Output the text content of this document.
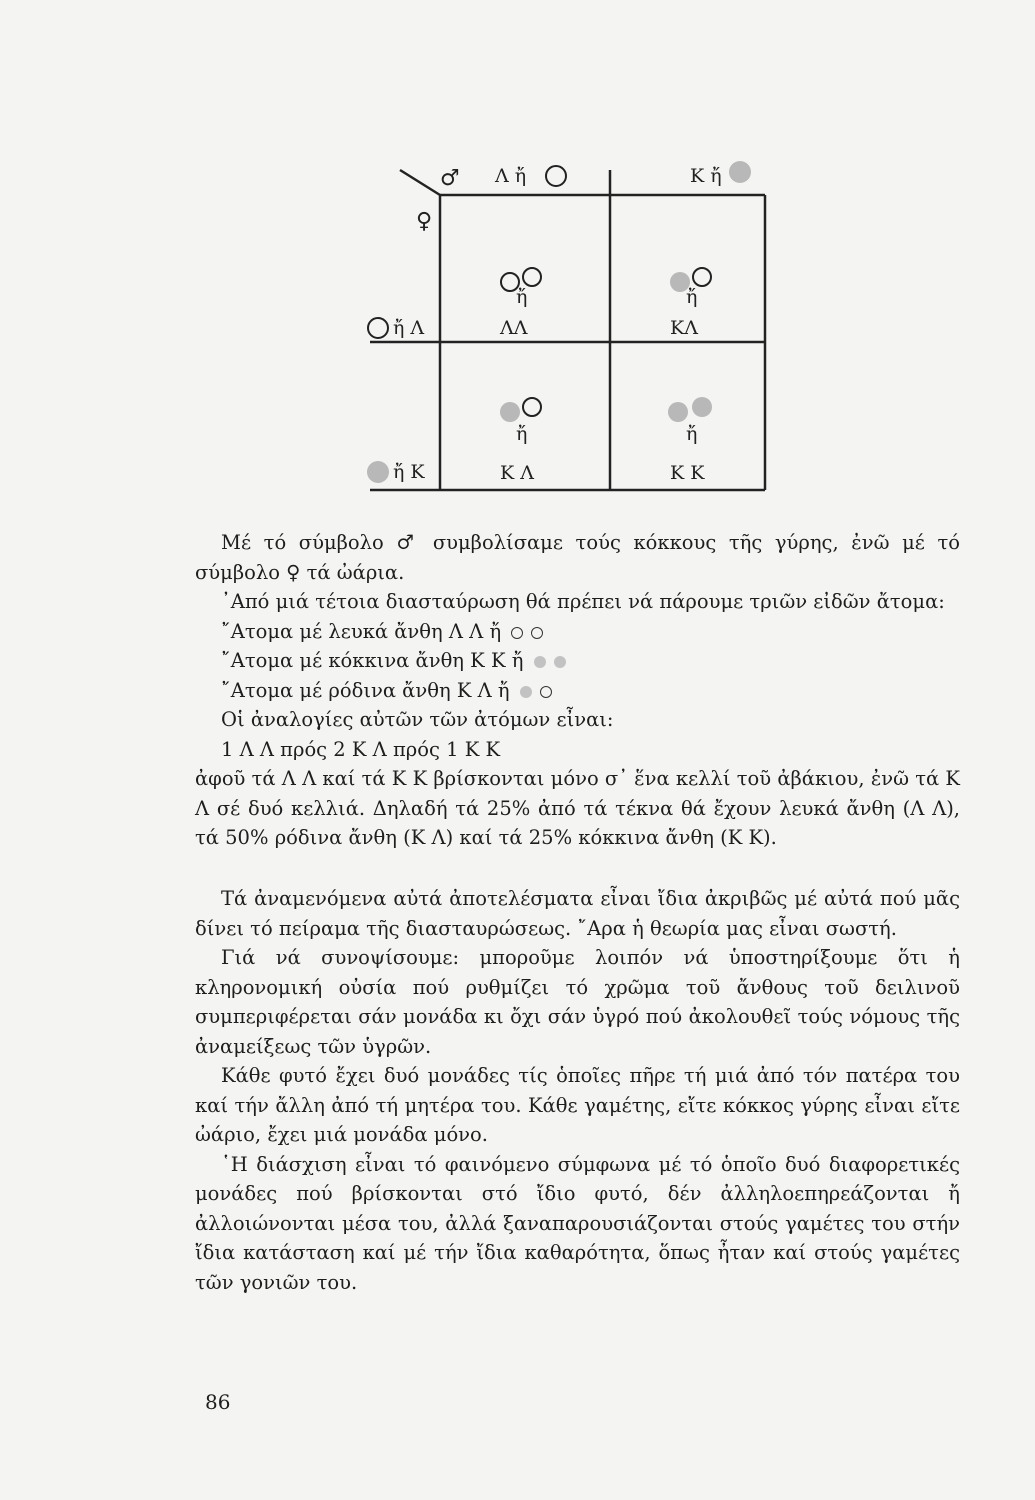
♂
♀
Λ ἤ	Κ ἤ
ἤ Λ
ἤ Κ
ἤ
ΛΛ
ἤ
ΚΛ
ἤ
Κ Λ
ἤ
Κ Κ

Μέ τό σύμβολο ♂ συμβολίσαμε τούς κόκκους τῆς γύρης, ἐνῶ μέ τό σύμβολο ♀ τά ὠάρια.

᾿Από μιά τέτοια διασταύρωση θά πρέπει νά πάρουμε τριῶν εἰδῶν ἄτομα:

῎Ατομα μέ λευκά ἄνθη Λ Λ ἤ

῎Ατομα μέ κόκκινα ἄνθη Κ Κ ἤ

῎Ατομα μέ ρόδινα ἄνθη Κ Λ ἤ

Οἱ ἀναλογίες αὐτῶν τῶν ἀτόμων εἶναι:

1 Λ Λ πρός 2 Κ Λ πρός 1 Κ Κ

ἀφοῦ τά Λ Λ καί τά Κ Κ βρίσκονται μόνο σ᾿ ἕνα κελλί τοῦ ἀβάκιου, ἐνῶ τά Κ Λ σέ δυό κελλιά. Δηλαδή τά 25% ἀπό τά τέκνα θά ἔχουν λευκά ἄνθη (Λ Λ), τά 50% ρόδινα ἄνθη (Κ Λ) καί τά 25% κόκκινα ἄνθη (Κ Κ).

Τά ἀναμενόμενα αὐτά ἀποτελέσματα εἶναι ἴδια ἀκριβῶς μέ αὐτά πού μᾶς δίνει τό πείραμα τῆς διασταυρώσεως. ῎Αρα ἡ θεωρία μας εἶναι σωστή.

Γιά νά συνοψίσουμε: μποροῦμε λοιπόν νά ὑποστηρίξουμε ὅτι ἡ κληρονομική οὐσία πού ρυθμίζει τό χρῶμα τοῦ ἄνθους τοῦ δειλινοῦ συμπεριφέρεται σάν μονάδα κι ὄχι σάν ὑγρό πού ἀκολουθεῖ τούς νόμους τῆς ἀναμείξεως τῶν ὑγρῶν.

Κάθε φυτό ἔχει δυό μονάδες τίς ὁποῖες πῆρε τή μιά ἀπό τόν πατέρα του καί τήν ἄλλη ἀπό τή μητέρα του. Κάθε γαμέτης, εἴτε κόκκος γύρης εἶναι εἴτε ὠάριο, ἔχει μιά μονάδα μόνο.

῾Η διάσχιση εἶναι τό φαινόμενο σύμφωνα μέ τό ὁποῖο δυό διαφορετικές μονάδες πού βρίσκονται στό ἴδιο φυτό, δέν ἀλληλοεπηρεάζονται ἤ ἀλλοιώνονται μέσα του, ἀλλά ξαναπαρουσιάζονται στούς γαμέτες του στήν ἴδια κατάσταση καί μέ τήν ἴδια καθαρότητα, ὅπως ἦταν καί στούς γαμέτες τῶν γονιῶν του.

86
